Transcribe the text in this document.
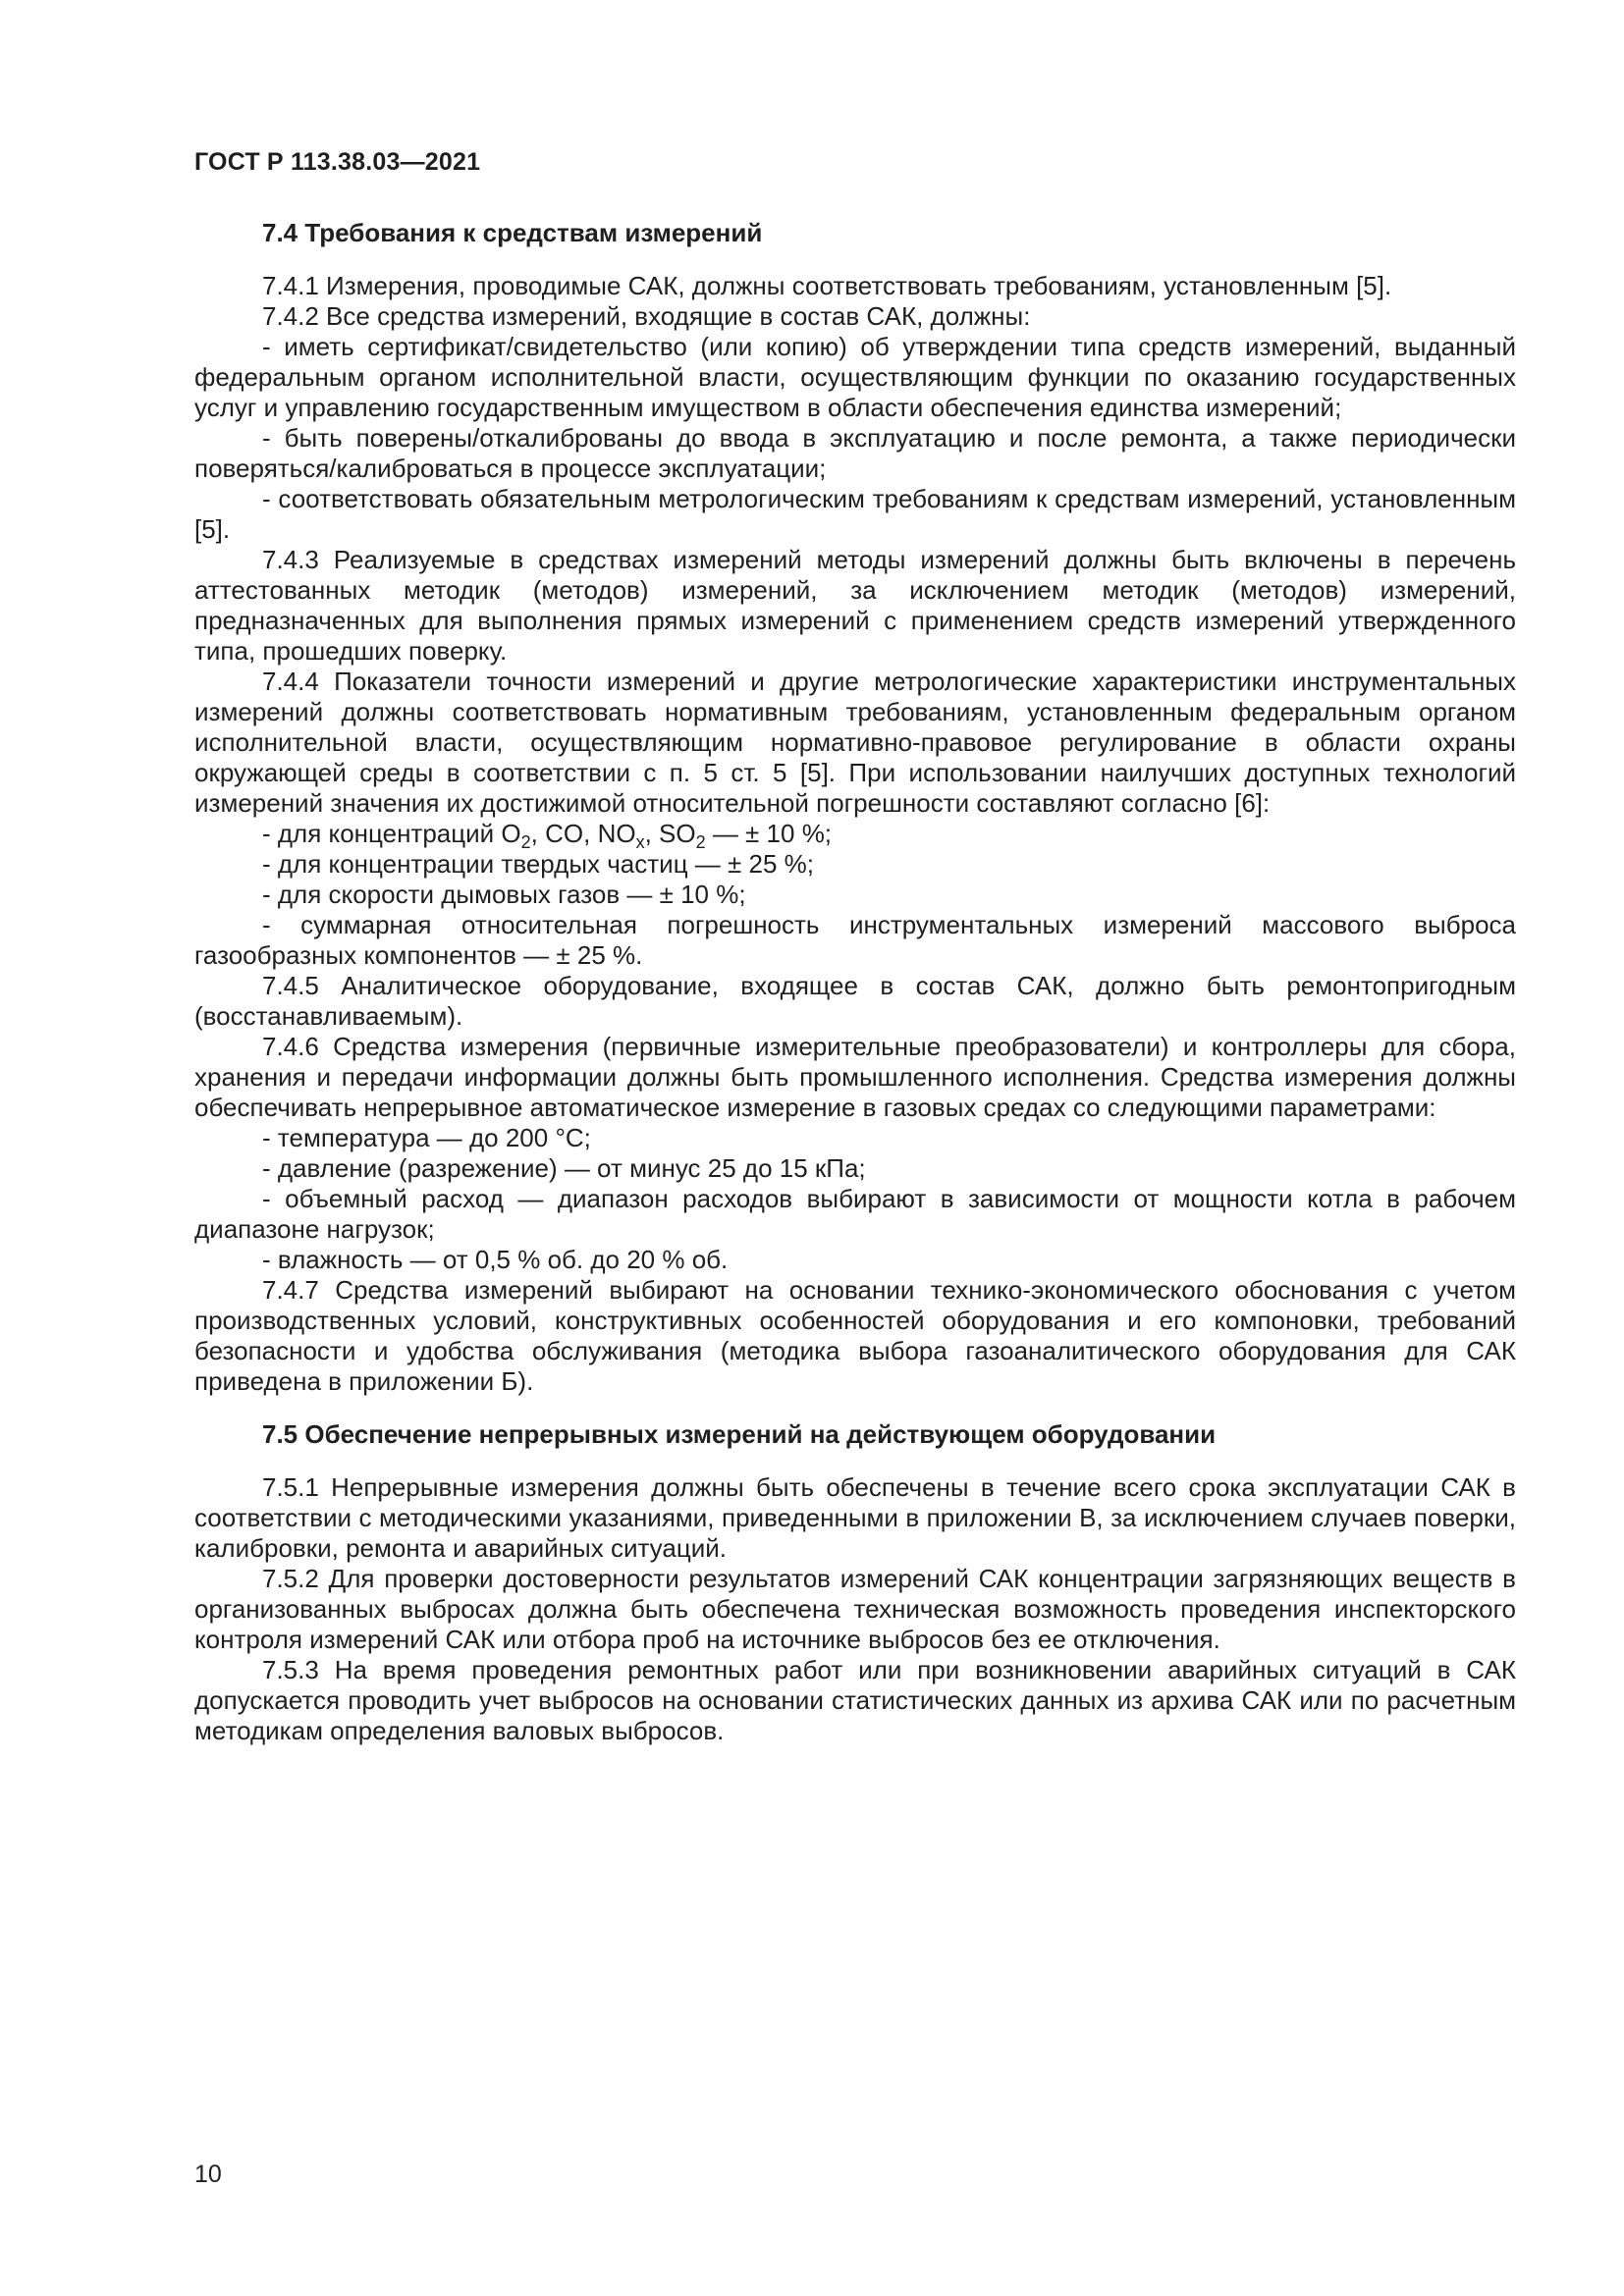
ГОСТ Р 113.38.03—2021
7.4 Требования к средствам измерений

7.4.1 Измерения, проводимые САК, должны соответствовать требованиям, установленным [5].

7.4.2 Все средства измерений, входящие в состав САК, должны:

- иметь сертификат/свидетельство (или копию) об утверждении типа средств измерений, выданный федеральным органом исполнительной власти, осуществляющим функции по оказанию государственных услуг и управлению государственным имуществом в области обеспечения единства измерений;

- быть поверены/откалиброваны до ввода в эксплуатацию и после ремонта, а также периодически поверяться/калиброваться в процессе эксплуатации;

- соответствовать обязательным метрологическим требованиям к средствам измерений, установленным [5].

7.4.3 Реализуемые в средствах измерений методы измерений должны быть включены в перечень аттестованных методик (методов) измерений, за исключением методик (методов) измерений, предназначенных для выполнения прямых измерений с применением средств измерений утвержденного типа, прошедших поверку.

7.4.4 Показатели точности измерений и другие метрологические характеристики инструментальных измерений должны соответствовать нормативным требованиям, установленным федеральным органом исполнительной власти, осуществляющим нормативно-правовое регулирование в области охраны окружающей среды в соответствии с п. 5 ст. 5 [5]. При использовании наилучших доступных технологий измерений значения их достижимой относительной погрешности составляют согласно [6]:

- для концентраций $O_2$, CO, $NO_x$, $SO_2$ — ± 10 %;

- для концентрации твердых частиц — ± 25 %;

- для скорости дымовых газов — ± 10 %;

- суммарная относительная погрешность инструментальных измерений массового выброса газообразных компонентов — ± 25 %.

7.4.5 Аналитическое оборудование, входящее в состав САК, должно быть ремонтопригодным (восстанавливаемым).

7.4.6 Средства измерения (первичные измерительные преобразователи) и контроллеры для сбора, хранения и передачи информации должны быть промышленного исполнения. Средства измерения должны обеспечивать непрерывное автоматическое измерение в газовых средах со следующими параметрами:

- температура — до 200 °С;

- давление (разрежение) — от минус 25 до 15 кПа;

- объемный расход — диапазон расходов выбирают в зависимости от мощности котла в рабочем диапазоне нагрузок;

- влажность — от 0,5 % об. до 20 % об.

7.4.7 Средства измерений выбирают на основании технико-экономического обоснования с учетом производственных условий, конструктивных особенностей оборудования и его компоновки, требований безопасности и удобства обслуживания (методика выбора газоаналитического оборудования для САК приведена в приложении Б).

7.5 Обеспечение непрерывных измерений на действующем оборудовании

7.5.1 Непрерывные измерения должны быть обеспечены в течение всего срока эксплуатации САК в соответствии с методическими указаниями, приведенными в приложении В, за исключением случаев поверки, калибровки, ремонта и аварийных ситуаций.

7.5.2 Для проверки достоверности результатов измерений САК концентрации загрязняющих веществ в организованных выбросах должна быть обеспечена техническая возможность проведения инспекторского контроля измерений САК или отбора проб на источнике выбросов без ее отключения.

7.5.3 На время проведения ремонтных работ или при возникновении аварийных ситуаций в САК допускается проводить учет выбросов на основании статистических данных из архива САК или по расчетным методикам определения валовых выбросов.

10
